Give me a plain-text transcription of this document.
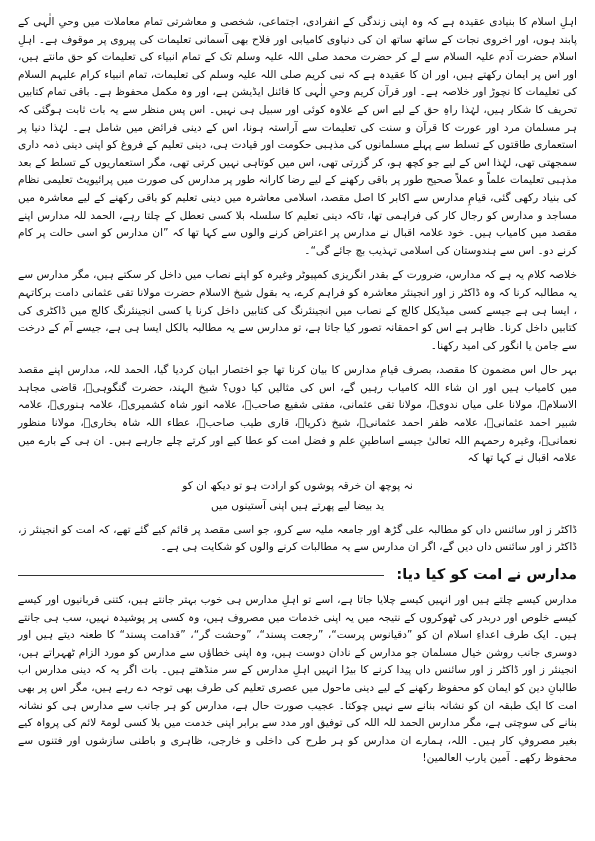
اہلِ اسلام کا بنیادی عقیدہ ہے کہ وہ اپنی زندگی کے انفرادی، اجتماعی، شخصی و معاشرتی تمام معاملات میں وحیِ الٰہی کے پابند ہوں، اور اخروی نجات کے ساتھ ساتھ ان کی دنیاوی کامیابی اور فلاح بھی آسمانی تعلیمات کی پیروی پر موقوف ہے۔ اہلِ اسلام حضرت آدم علیہ السلام سے لے کر حضرت محمد صلی اللہ علیہ وسلم تک کے تمام انبیاء کی تعلیمات کو حق مانتے ہیں، اور اس پر ایمان رکھتے ہیں، اور ان کا عقیدہ ہے کہ نبی کریم صلی اللہ علیہ وسلم کی تعلیمات، تمام انبیاء کرام علیہم السلام کی تعلیمات کا نچوڑ اور خلاصہ ہے۔ اور قرآن کریم وحیِ الٰہی کا فائنل ایڈیشن ہے، اور وہ مکمل محفوظ ہے۔ باقی تمام کتابیں تحریف کا شکار ہیں، لہٰذا راہِ حق کے لیے اس کے علاوہ کوئی اور سبیل ہی نہیں۔ اس پس منظر سے یہ بات ثابت ہوگئی کہ ہر مسلمان مرد اور عورت کا قرآن و سنت کی تعلیمات سے آراستہ ہونا، اس کے دینی فرائض میں شامل ہے۔ لہٰذا دنیا پر استعماری طاقتوں کے تسلط سے پہلے مسلمانوں کی مذہبی حکومت اور قیادت ہی، دینی تعلیم کے فروغ کو اپنی دینی ذمہ داری سمجھتی تھی، لہٰذا اس کے لیے جو کچھ ہو، کر گزرتی تھی، اس میں کوتاہی نہیں کرتی تھی، مگر استعماریوں کے تسلط کے بعد مذہبی تعلیمات علماً و عملاً صحیح طور پر باقی رکھنے کے لیے رضا کارانہ طور پر مدارس کی صورت میں پرائیویٹ تعلیمی نظام کی بنیاد رکھی گئی، قیامِ مدارس سے اکابر کا اصل مقصد، اسلامی معاشرہ میں دینی تعلیم کو باقی رکھنے کے لیے معاشرہ میں مساجد و مدارس کو رجال کار کی فراہمی تھا، تاکہ دینی تعلیم کا سلسلہ بلا کسی تعطل کے چلتا رہے، الحمد للہ مدارس اپنے مقصد میں کامیاب ہیں۔ خود علامہ اقبال نے مدارس پر اعتراض کرنے والوں سے کہا تھا کہ ”ان مدارس کو اسی حالت پر کام کرنے دو۔ اس سے ہندوستان کی اسلامی تہذیب بچ جائے گی“۔

خلاصہ کلام یہ ہے کہ مدارس، ضرورت کے بقدر انگریزی کمپیوٹر وغیرہ کو اپنے نصاب میں داخل کر سکتے ہیں، مگر مدارس سے یہ مطالبہ کرنا کہ وہ ڈاکٹر ز اور انجینئر معاشرہ کو فراہم کرے، یہ بقول شیخ الاسلام حضرت مولانا تقی عثمانی دامت برکاتہم ، ایسا ہی ہے جیسے کسی میڈیکل کالج کے نصاب میں انجینئرنگ کی کتابیں داخل کرنا یا کسی انجینئرنگ کالج میں ڈاکٹری کی کتابیں داخل کرنا۔ ظاہر ہے اس کو احمقانہ تصور کیا جاتا ہے، تو مدارس سے یہ مطالبہ بالکل ایسا ہی ہے، جیسے آم کے درخت سے جامن یا انگور کی امید رکھنا۔

بہر حال اس مضمون کا مقصد، بصرف قیامِ مدارس کا بیان کرنا تھا جو اختصار ابیان کردیا گیا، الحمد للہ، مدارس اپنے مقصد میں کامیاب ہیں اور ان شاء اللہ کامیاب رہیں گے، اس کی مثالیں کیا دوں؟ شیخ الہند، حضرت گنگوہیؒ، قاضی مجاہد الاسلامؒ، مولانا علی میاں ندویؒ، مولانا تقی عثمانی، مفتی شفیع صاحبؒ، علامہ انور شاہ کشمیریؒ، علامہ ہنوریؒ، علامہ شبیر احمد عثمانیؒ، علامہ ظفر احمد عثمانیؒ، شیخ ذکریاؒ، قاری طیب صاحبؒ، عطاء اللہ شاہ بخاریؒ، مولانا منظور نعمانیؒ، وغیرہ رحمہم اللہ تعالیٰ جیسے اساطینِ علم و فضل امت کو عطا کیے اور کرتے چلے جارہے ہیں۔ ان ہی کے بارے میں علامہ اقبال نے کہا تھا کہ

نہ پوچھ ان خرقہ پوشوں کو ارادت ہو تو دیکھ ان کو

ید بیضا لیے پھرتے ہیں اپنی آستینوں میں

ڈاکٹر ز اور سائنس داں کو مطالبہ علی گڑھ اور جامعہ ملیہ سے کرو، جو اسی مقصد پر قائم کیے گئے تھے، کہ امت کو انجینئر ز، ڈاکٹر ز اور سائنس داں دیں گے، اگر ان مدارس سے یہ مطالبات کرنے والوں کو شکایت ہی ہے۔

مدارس نے امت کو کیا دیا:

مدارس کیسے چلتے ہیں اور انہیں کیسے چلایا جاتا ہے، اسے تو اہلِ مدارس ہی خوب بہتر جانتے ہیں، کتنی قربانیوں اور کیسے کیسے خلوص اور دربدر کی ٹھوکروں کے نتیجہ میں یہ اپنی خدمات میں مصروف ہیں، وہ کسی پر پوشیدہ نہیں، سب ہی جانتے ہیں۔ ایک طرف اعداءِ اسلام ان کو ”دقیانوس پرست“، ”رجعت پسند“، ”وحشت گر“، ”قدامت پسند“ کا طعنہ دیتے ہیں اور دوسری جانب روشن خیال مسلمان جو مدارس کے نادان دوست ہیں، وہ اپنی خطاؤں سے مدارس کو مورد الزام ٹھہراتے ہیں، انجینئر ز اور ڈاکٹر ز اور سائنس داں پیدا کرنے کا بیڑا انہیں اہلِ مدارس کے سر منڈھتے ہیں۔ بات اگر یہ کہ دینی مدارس اب طالبانِ دین کو ایمان کو محفوظ رکھنے کے لیے دینی ماحول میں عصری تعلیم کی طرف بھی توجہ دے رہے ہیں، مگر اس پر بھی امت کا ایک طبقہ ان کو نشانہ بنانے سے نہیں چوکتا۔ عجیب صورت حال ہے، مدارس کو ہر جانب سے مدارس ہی کو نشانہ بنانے کی سوچتی ہے، مگر مدارس الحمد للہ اللہ کی توفیق اور مدد سے برابر اپنی خدمت میں بلا کسی لومۃ لائم کی پرواہ کیے بغیر مصروفِ کار ہیں۔ اللہ، ہمارے ان مدارس کو ہر طرح کی داخلی و خارجی، ظاہری و باطنی سازشوں اور فتنوں سے محفوظ رکھے۔ آمین یارب العالمین!
